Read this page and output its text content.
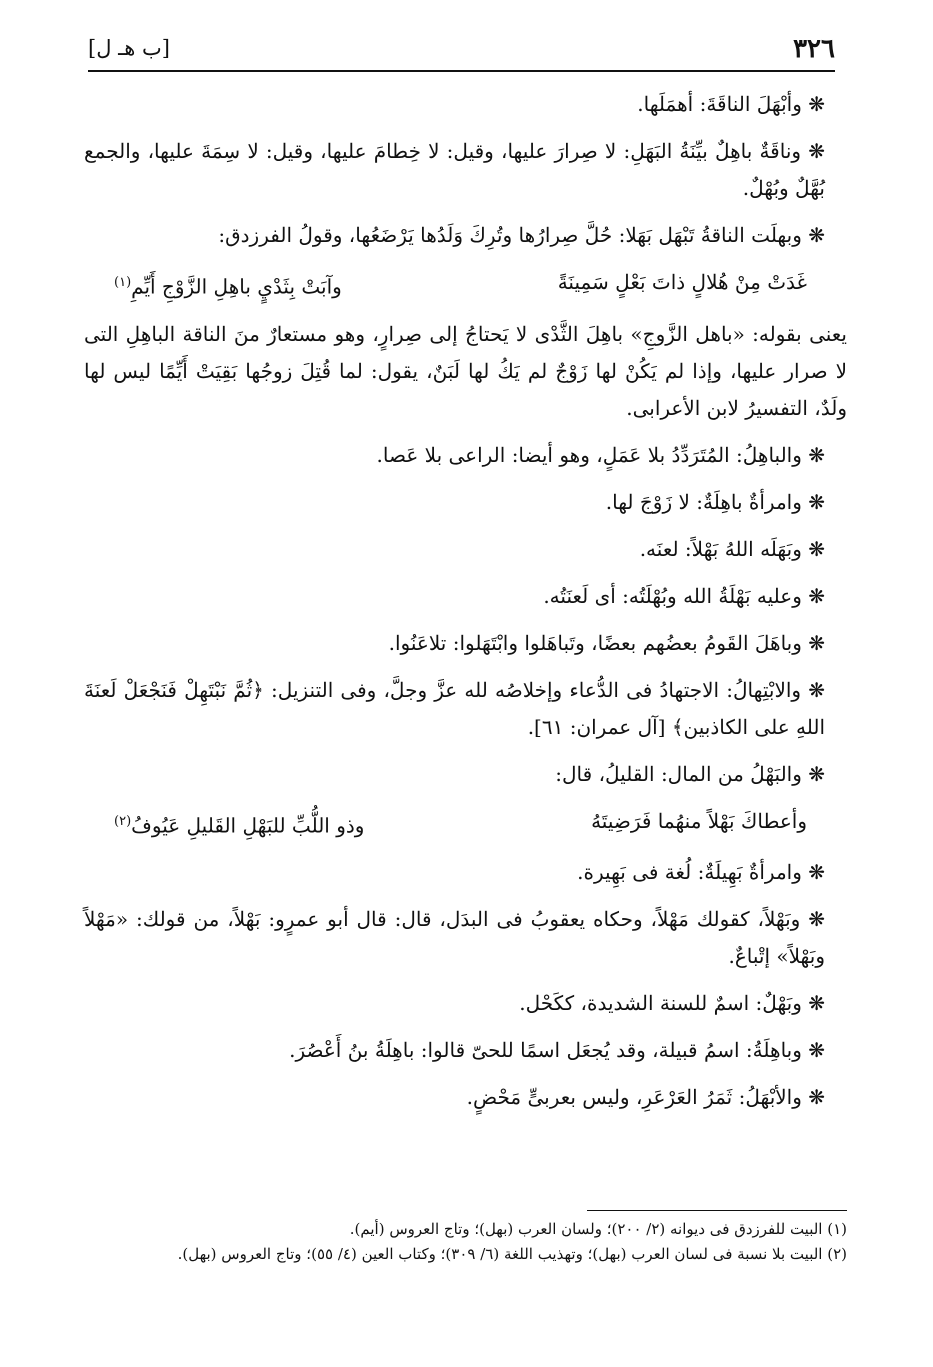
٣٢٦
[ب هـ ل]

❋ وأبْهَلَ الناقَةَ: أهمَلَها.

❋ وناقَةٌ باهِلٌ بيِّنَةُ البَهَلِ: لا صِرارَ عليها، وقيل: لا خِطامَ عليها، وقيل: لا سِمَةَ عليها، والجمع بُهَّلٌ وبُهْلٌ.

❋ وبهلَت الناقةُ تَبْهَل بَهَلا: حُلَّ صِرارُها وتُرِكَ وَلَدُها يَرْضَعُها، وقولُ الفرزدق:

غَدَتْ مِنْ هُلالٍ ذاتَ بَعْلٍ سَمِينَةً
وآبَتْ بِثَدْيٍ باهِلِ الزَّوْجِ أَيِّمِ$^{(١)}$

يعنى بقوله: «باهل الزَّوجِ» باهِلَ الثَّدْى لا يَحتاجُ إلى صِرارٍ، وهو مستعارٌ منَ الناقة الباهِلِ التى لا صرار عليها، وإذا لم يَكُنْ لها زَوْجٌ لم يَكُ لها لَبَنٌ، يقول: لما قُتِلَ زوجُها بَقِيَتْ أَيِّمًا ليس لها ولَدٌ، التفسيرُ لابن الأعرابى.

❋ والباهِلُ: المُتَرَدِّدُ بلا عَمَلٍ، وهو أيضا: الراعى بلا عَصا.

❋ وامرأةٌ باهِلَةٌ: لا زَوْجَ لها.

❋ وبَهَلَه اللهُ بَهْلاً: لعنَه.

❋ وعليه بَهْلَةُ الله وبُهْلَتُه: أى لَعنَتُه.

❋ وباهَلَ القَومُ بعضُهم بعضًا، وتَباهَلوا وابْتَهَلوا: تلاعَنُوا.

❋ والابْتِهالُ: الاجتهادُ فى الدُّعاء وإخلاصُه لله عزَّ وجلَّ، وفى التنزيل: ﴿ثُمَّ نَبْتَهِلْ فَنَجْعَلْ لَعنَةَ اللهِ على الكاذبين﴾ [آل عمران: ٦١].

❋ والبَهْلُ من المال: القليلُ، قال:

وأعطاكَ بَهْلاً منهُما فَرَضِيتَهُ
وذو اللُّبِّ للبَهْلِ القَليلِ عَيُوفُ$^{(٢)}$

❋ وامرأةٌ بَهِيلَةٌ: لُغة فى بَهِيرة.

❋ وبَهْلاً، كقولك مَهْلاً، وحكاه يعقوبُ فى البدَل، قال: قال أبو عمرٍو: بَهْلاً، من قولك: «مَهْلاً وبَهْلاً» إتْباعٌ.

❋ وبَهْلٌ: اسمٌ للسنة الشديدة، ككَحْل.

❋ وباهِلَةُ: اسمُ قبيلة، وقد يُجعَل اسمًا للحىّ قالوا: باهِلَةُ بنُ أَعْصُرَ.

❋ والأبْهَلُ: ثَمَرُ العَرْعَرِ، وليس بعربىٍّ مَحْضٍ.

(١) البيت للفرزدق فى ديوانه (٢/ ٢٠٠)؛ ولسان العرب (بهل)؛ وتاج العروس (أيم).

(٢) البيت بلا نسبة فى لسان العرب (بهل)؛ وتهذيب اللغة (٦/ ٣٠٩)؛ وكتاب العين (٤/ ٥٥)؛ وتاج العروس (بهل).
